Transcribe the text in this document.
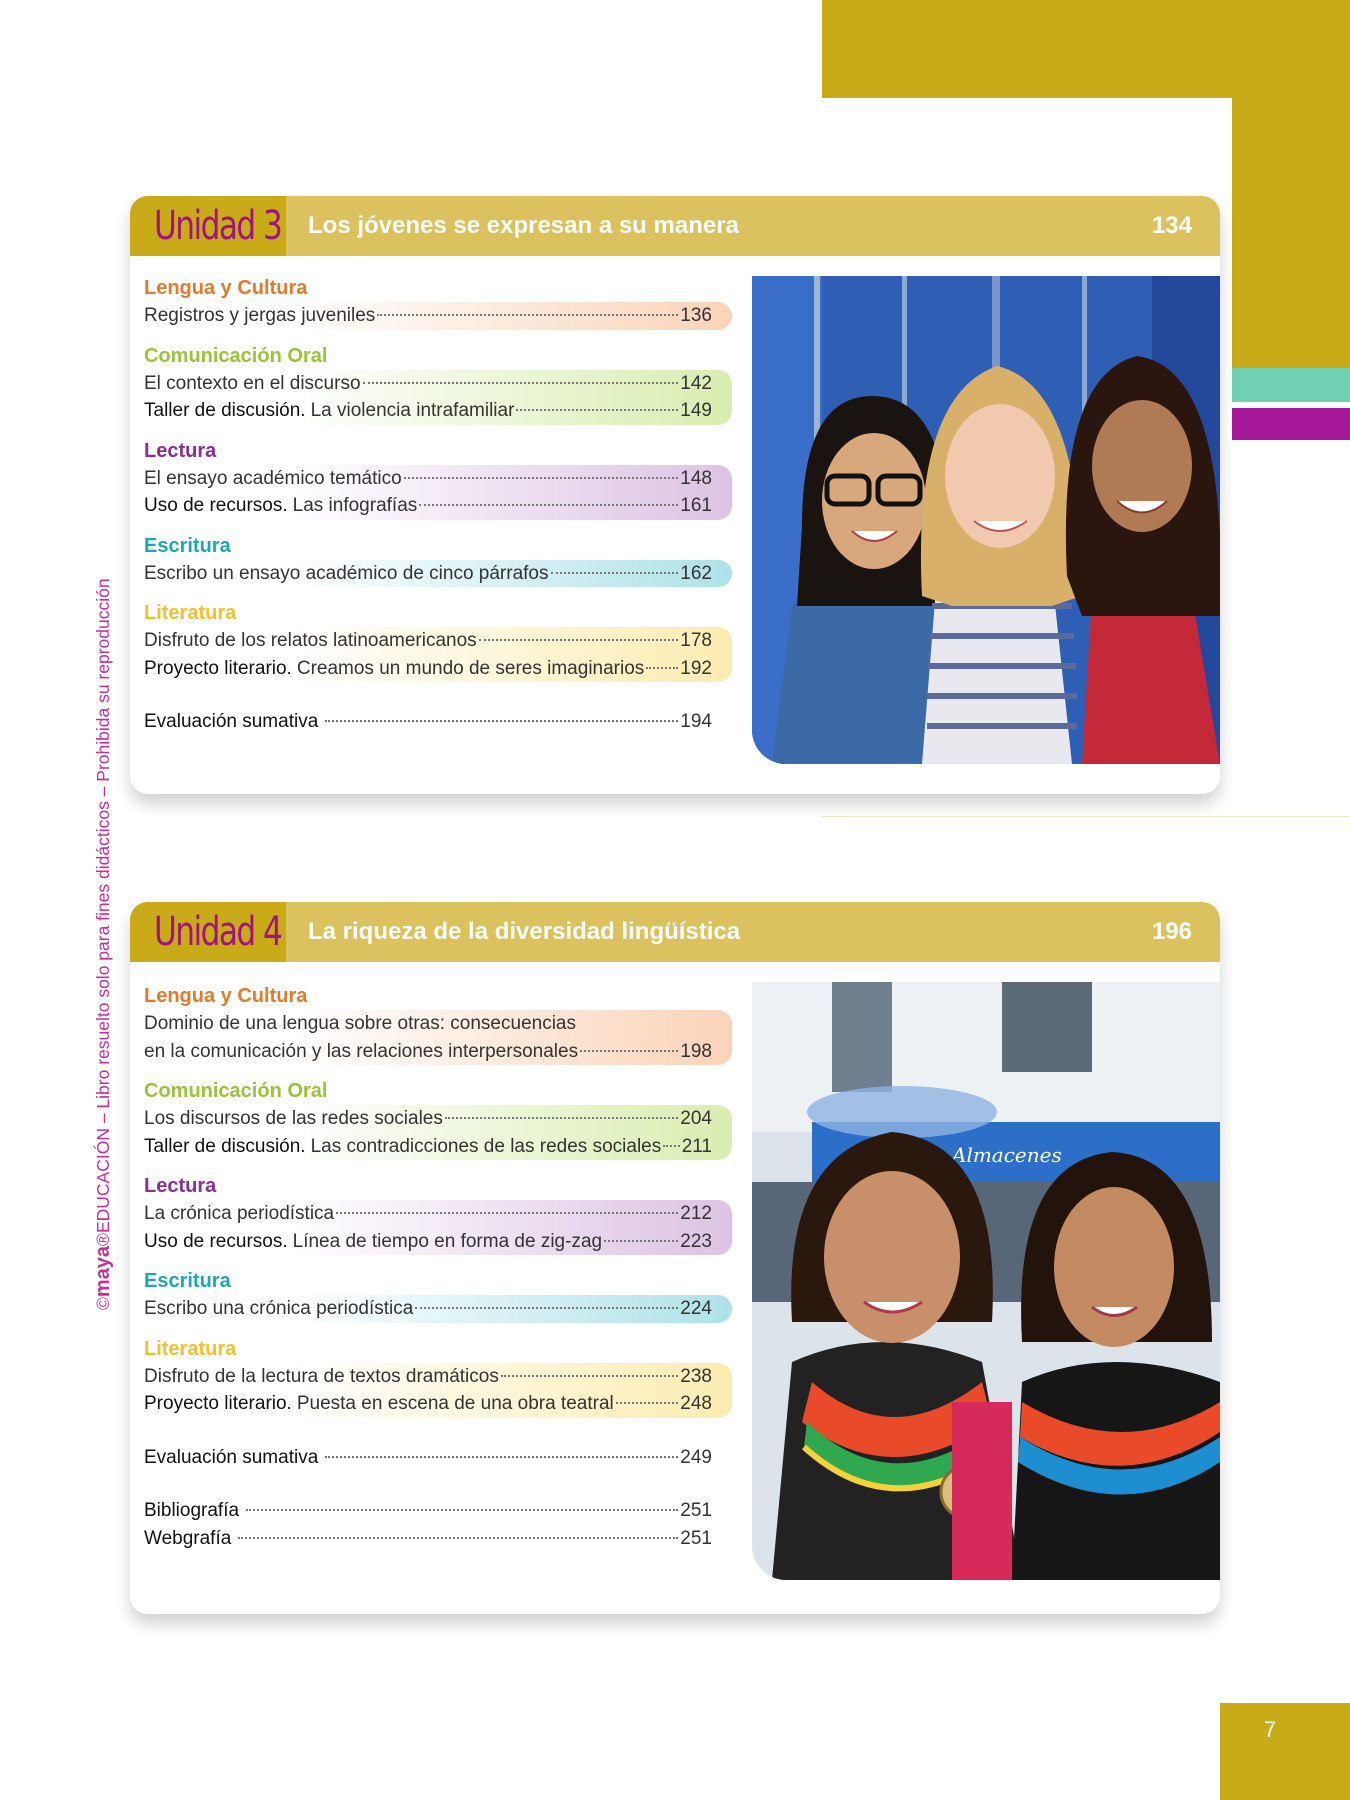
©
maya
®EDUCACIÓN – Libro resuelto solo para fines didácticos – Prohibida su reproducción
Unidad 3 Los jóvenes se expresan a su manera	134
Lengua y Cultura
Registros y jergas juveniles	136
Comunicación Oral
El contexto en el discurso	142
Taller de discusión. La violencia intrafamiliar	149
Lectura
El ensayo académico temático	148
Uso de recursos. Las infografías	161
Escritura
Escribo un ensayo académico de cinco párrafos	162
Literatura
Disfruto de los relatos latinoamericanos	178
Proyecto literario. Creamos un mundo de seres imaginarios 192
Evaluación sumativa	194
Unidad 4 La riqueza de la diversidad lingüística	196
Lengua y Cultura
Dominio de una lengua sobre otras: consecuencias
en la comunicación y las relaciones interpersonales	198
Comunicación Oral
Los discursos de las redes sociales	204
Taller de discusión. Las contradicciones de las redes sociales 211
Lectura
La crónica periodística	212
Uso de recursos. Línea de tiempo en forma de zig-zag	223
Escritura
Escribo una crónica periodística	224
Literatura
Disfruto de la lectura de textos dramáticos	238
Proyecto literario. Puesta en escena de una obra teatral	248
Evaluación sumativa	249
Bibliografía	251
Webgrafía	251
Almacenes
7
